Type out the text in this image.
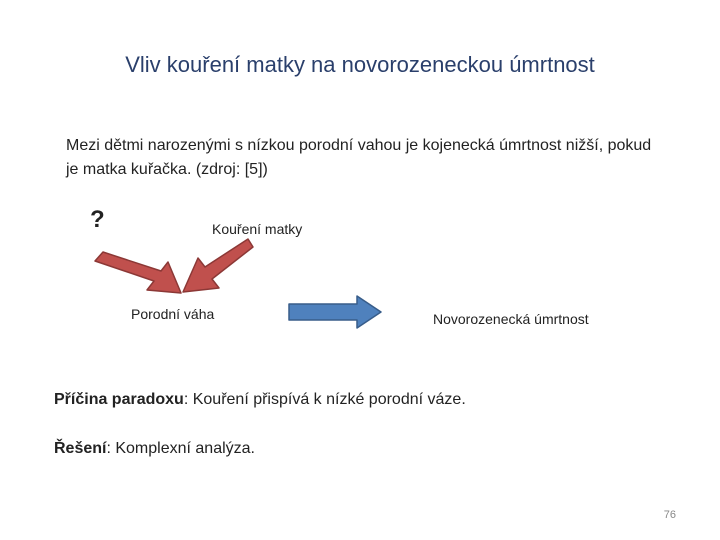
Vliv kouření matky na novorozeneckou úmrtnost
Mezi dětmi narozenými s nízkou porodní vahou je kojenecká úmrtnost nižší, pokud je matka kuřačka. (zdroj: [5])
?	Kouření matky
Porodní váha	Novorozenecká úmrtnost
Příčina paradoxu: Kouření přispívá k nízké porodní váze.
Řešení: Komplexní analýza.
76
